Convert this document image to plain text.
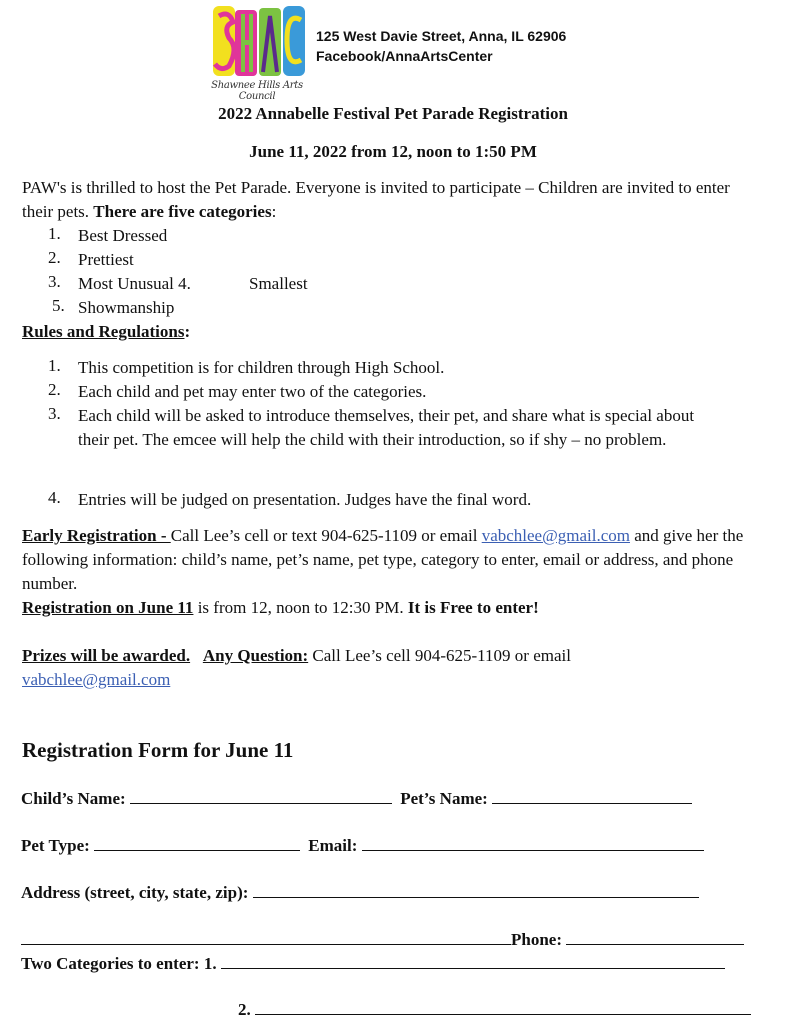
Shawnee Hills Arts Council
125 West Davie Street, Anna, IL 62906
Facebook/AnnaArtsCenter
2022 Annabelle Festival Pet Parade Registration
June 11, 2022 from 12, noon to 1:50 PM
PAW's is thrilled to host the Pet Parade. Everyone is invited to participate – Children are invited to enter their pets. There are five categories:
1. Best Dressed
2. Prettiest
3. Most Unusual 4.	Smallest
5. Showmanship
Rules and Regulations:
1. This competition is for children through High School.
2. Each child and pet may enter two of the categories.
3. Each child will be asked to introduce themselves, their pet, and share what is special about their pet. The emcee will help the child with their introduction, so if shy – no problem.
4. Entries will be judged on presentation. Judges have the final word.
Early Registration - Call Lee’s cell or text 904-625-1109 or email vabchlee@gmail.com and give her the following information: child’s name, pet’s name, pet type, category to enter, email or address, and phone number.
Registration on June 11 is from 12, noon to 12:30 PM. It is Free to enter!
Prizes will be awarded. Any Question: Call Lee’s cell 904-625-1109 or email
vabchlee@gmail.com
Registration Form for June 11
Child’s Name:	Pet’s Name:
Pet Type:	Email:
Address (street, city, state, zip):
Phone:
Two Categories to enter: 1.
2.
